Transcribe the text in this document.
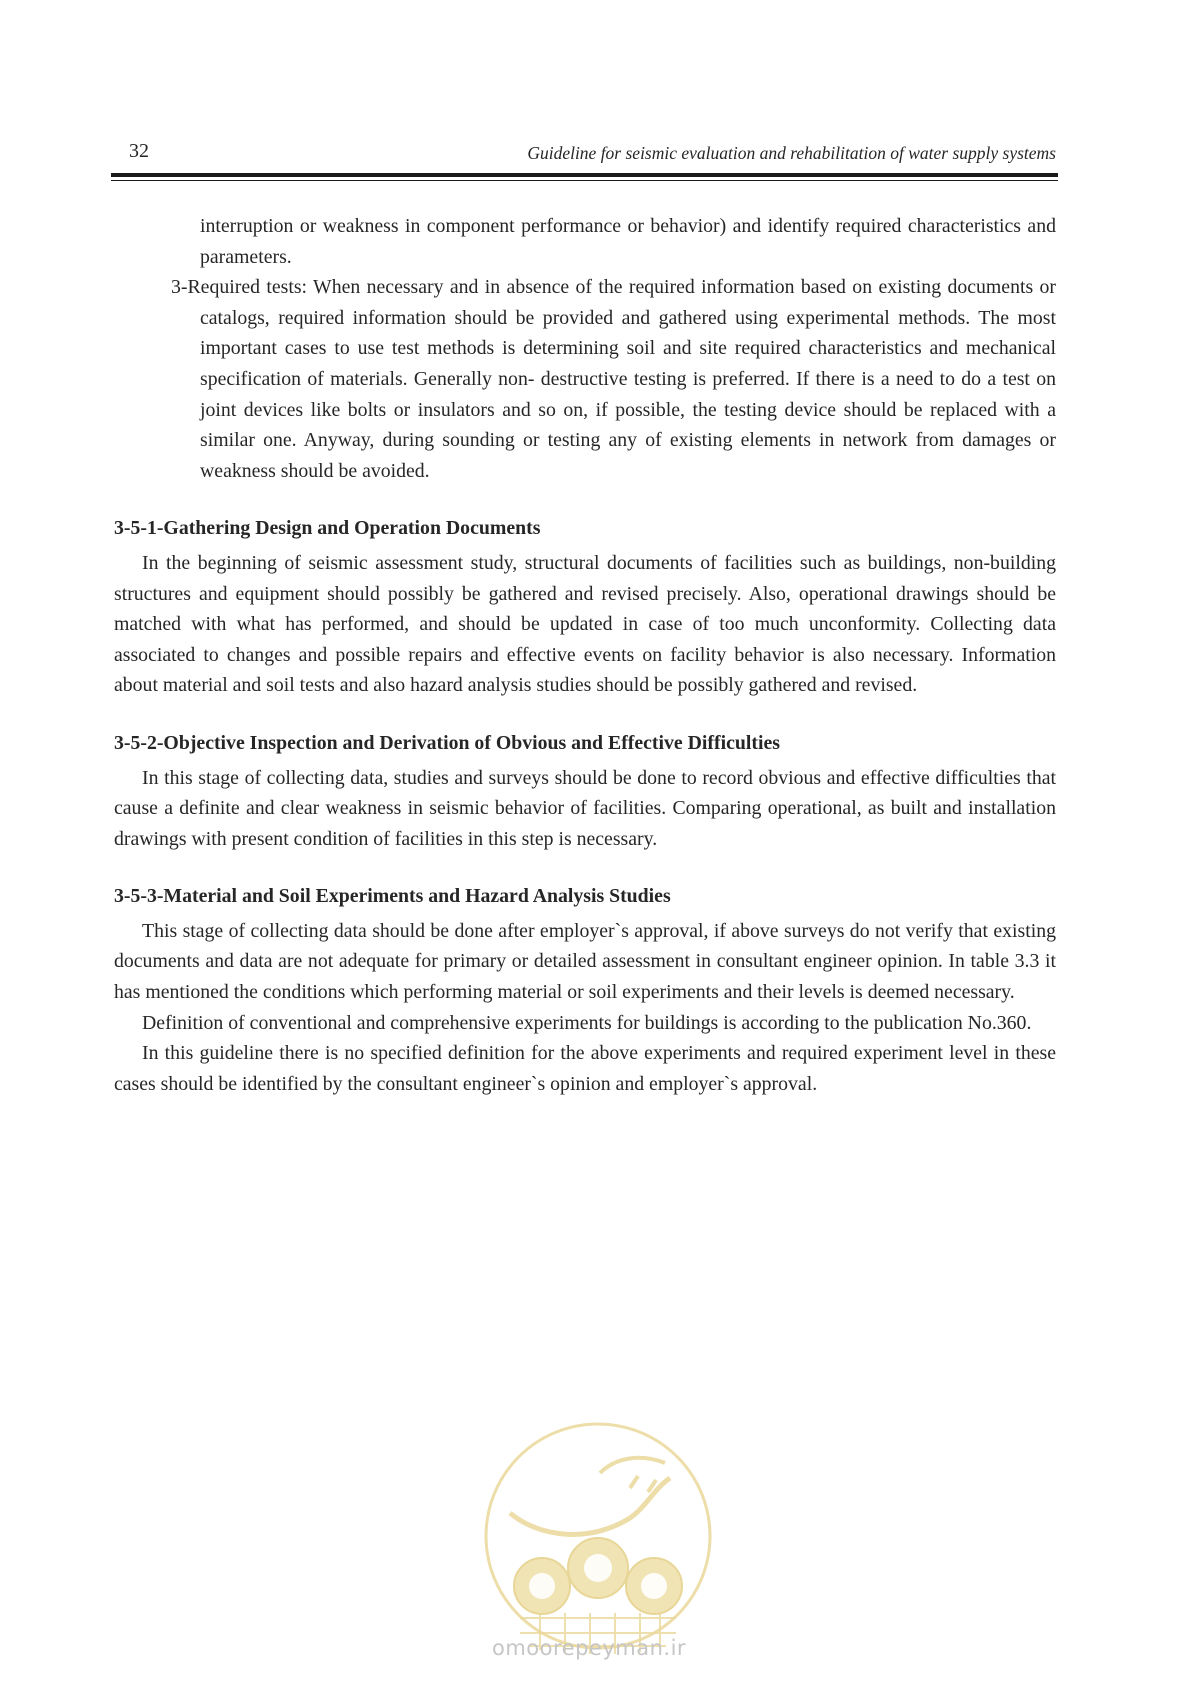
32	Guideline for seismic evaluation and rehabilitation of water supply systems

interruption or weakness in component performance or behavior) and identify required characteristics and parameters.

3-Required tests: When necessary and in absence of the required information based on existing documents or catalogs, required information should be provided and gathered using experimental methods. The most important cases to use test methods is determining soil and site required characteristics and mechanical specification of materials. Generally non- destructive testing is preferred. If there is a need to do a test on joint devices like bolts or insulators and so on, if possible, the testing device should be replaced with a similar one. Anyway, during sounding or testing any of existing elements in network from damages or weakness should be avoided.

3-5-1-Gathering Design and Operation Documents

In the beginning of seismic assessment study, structural documents of facilities such as buildings, non-building structures and equipment should possibly be gathered and revised precisely. Also, operational drawings should be matched with what has performed, and should be updated in case of too much unconformity. Collecting data associated to changes and possible repairs and effective events on facility behavior is also necessary. Information about material and soil tests and also hazard analysis studies should be possibly gathered and revised.

3-5-2-Objective Inspection and Derivation of Obvious and Effective Difficulties

In this stage of collecting data, studies and surveys should be done to record obvious and effective difficulties that cause a definite and clear weakness in seismic behavior of facilities. Comparing operational, as built and installation drawings with present condition of facilities in this step is necessary.

3-5-3-Material and Soil Experiments and Hazard Analysis Studies

This stage of collecting data should be done after employer`s approval, if above surveys do not verify that existing documents and data are not adequate for primary or detailed assessment in consultant engineer opinion. In table 3.3 it has mentioned the conditions which performing material or soil experiments and their levels is deemed necessary.

Definition of conventional and comprehensive experiments for buildings is according to the publication No.360.

In this guideline there is no specified definition for the above experiments and required experiment level in these cases should be identified by the consultant engineer`s opinion and employer`s approval.

omoorepeyman.ir
